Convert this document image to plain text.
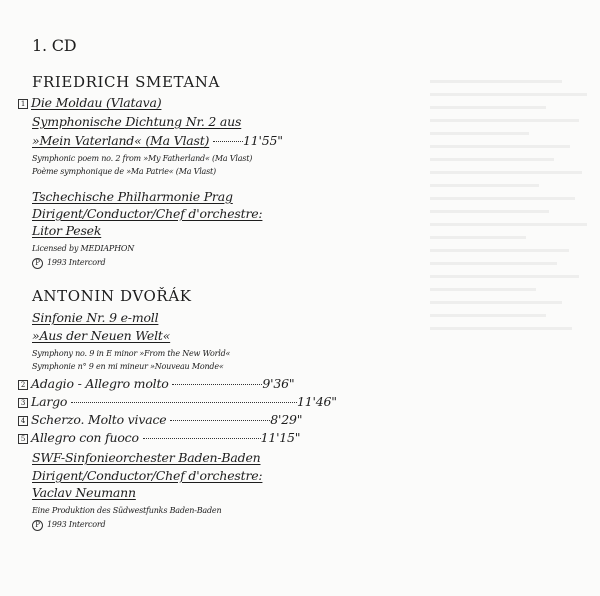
1. CD
FRIEDRICH SMETANA
1 Die Moldau (Vlatava)
Symphonische Dichtung Nr. 2 aus
»Mein Vaterland« (Ma Vlast)	11'55"
Symphonic poem no. 2 from »My Fatherland« (Ma Vlast)
Poème symphonique de »Ma Patrie« (Ma Vlast)
Tschechische Philharmonie Prag
Dirigent/Conductor/Chef d'orchestre:
Litor Pesek
Licensed by MEDIAPHON
P 1993 Intercord
ANTONIN DVOŘÁK
Sinfonie Nr. 9 e-moll
»Aus der Neuen Welt«
Symphony no. 9 in E minor »From the New World«
Symphonie n° 9 en mi mineur »Nouveau Monde«
2 Adagio - Allegro molto	9'36"
3 Largo	11'46"
4 Scherzo. Molto vivace	8'29"
5 Allegro con fuoco	11'15"
SWF-Sinfonieorchester Baden-Baden
Dirigent/Conductor/Chef d'orchestre:
Vaclav Neumann
Eine Produktion des Südwestfunks Baden-Baden
P 1993 Intercord
